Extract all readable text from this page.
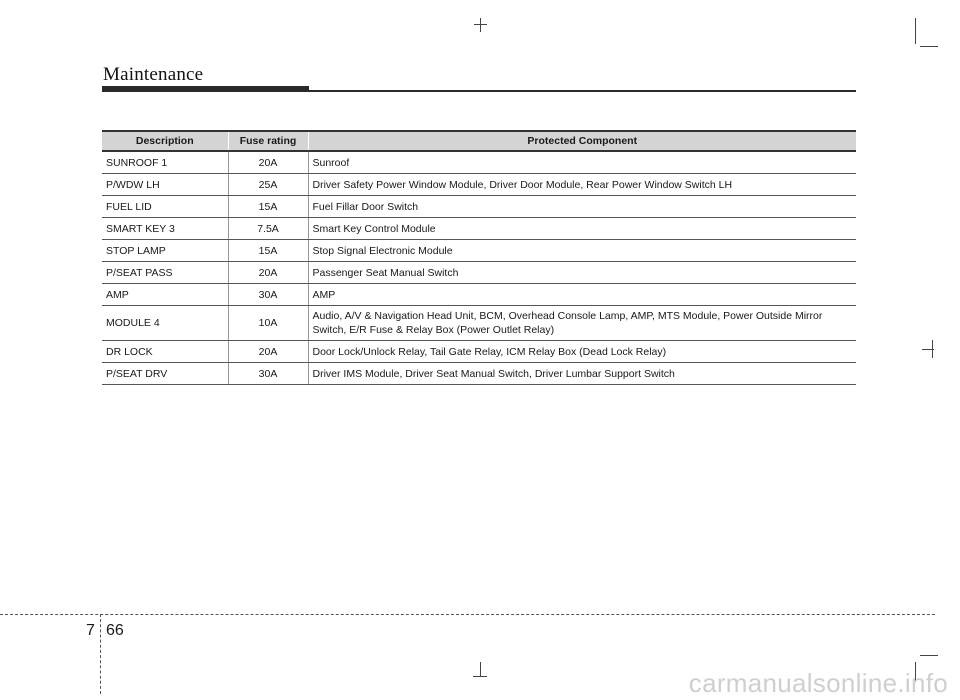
Maintenance
Description	Fuse rating	Protected Component
SUNROOF 1	20A	Sunroof
P/WDW LH	25A	Driver Safety Power Window Module, Driver Door Module, Rear Power Window Switch LH
FUEL LID	15A	Fuel Fillar Door Switch
SMART KEY 3	7.5A	Smart Key Control Module
STOP LAMP	15A	Stop Signal Electronic Module
P/SEAT PASS	20A	Passenger Seat Manual Switch
AMP	30A	AMP
MODULE 4	10A	Audio, A/V & Navigation Head Unit, BCM, Overhead Console Lamp, AMP, MTS Module, Power Outside Mirror Switch, E/R Fuse & Relay Box (Power Outlet Relay)
DR LOCK	20A	Door Lock/Unlock Relay, Tail Gate Relay, ICM Relay Box (Dead Lock Relay)
P/SEAT DRV	30A	Driver IMS Module, Driver Seat Manual Switch, Driver Lumbar Support Switch
7 66
carmanualsonline.info
